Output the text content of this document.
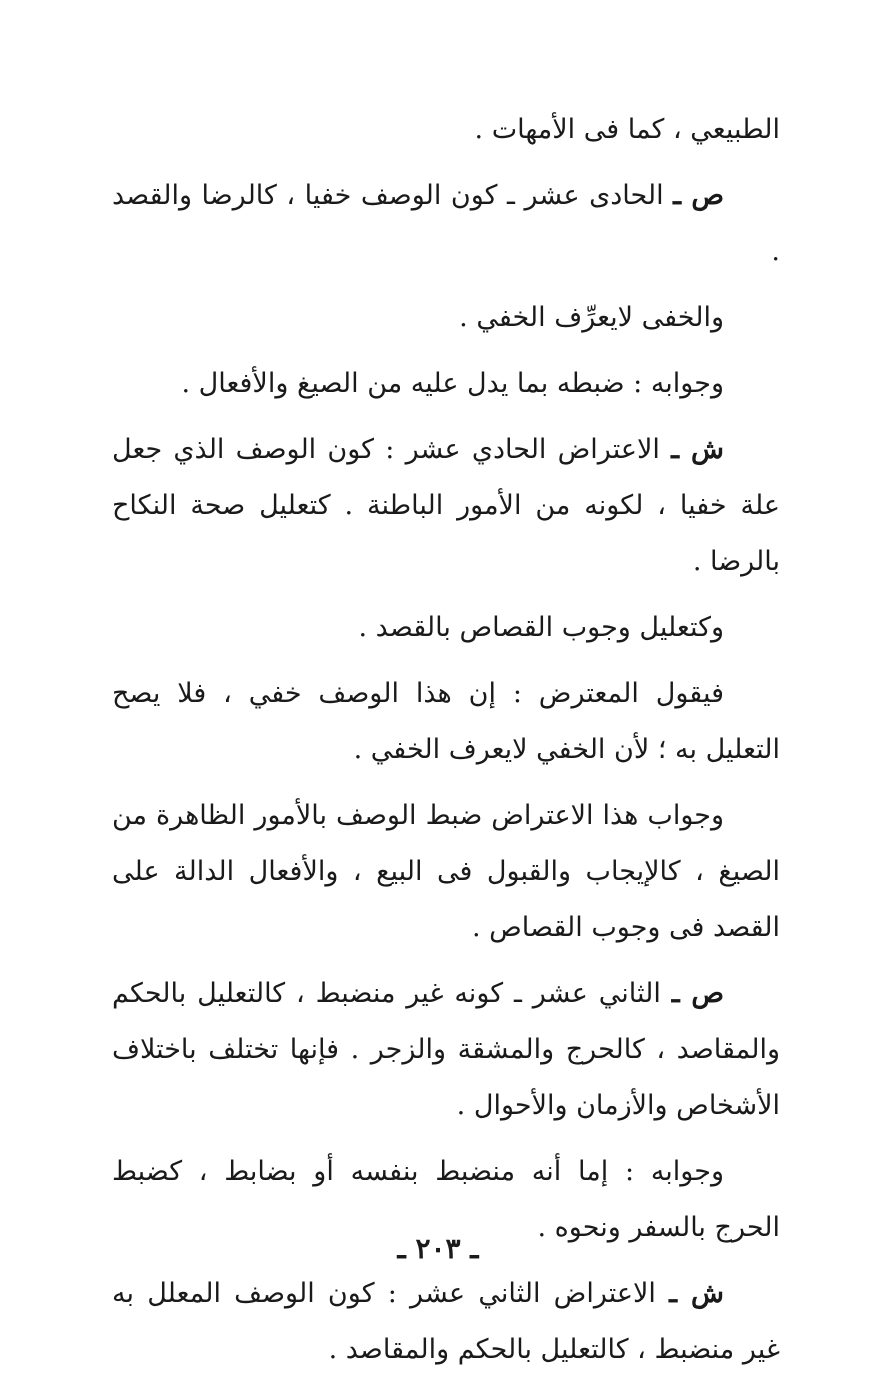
الطبيعي ، كما فى الأمهات .

ص ـ الحادى عشر ـ كون الوصف خفيا ، كالرضا والقصد .

والخفى لايعرِّف الخفي .

وجوابه : ضبطه بما يدل عليه من الصيغ والأفعال .

ش ـ الاعتراض الحادي عشر : كون الوصف الذي جعل علة خفيا ، لكونه من الأمور الباطنة . كتعليل صحة النكاح بالرضا .

وكتعليل وجوب القصاص بالقصد .

فيقول المعترض : إن هذا الوصف خفي ، فلا يصح التعليل به ؛ لأن الخفي لايعرف الخفي .

وجواب هذا الاعتراض ضبط الوصف بالأمور الظاهرة من الصيغ ، كالإيجاب والقبول فى البيع ، والأفعال الدالة على القصد فى وجوب القصاص .

ص ـ الثاني عشر ـ كونه غير منضبط ، كالتعليل بالحكم والمقاصد ، كالحرج والمشقة والزجر . فإنها تختلف باختلاف الأشخاص والأزمان والأحوال .

وجوابه : إما أنه منضبط بنفسه أو بضابط ، كضبط الحرج بالسفر ونحوه .

ش ـ الاعتراض الثاني عشر : كون الوصف المعلل به غير منضبط ، كالتعليل بالحكم والمقاصد .

ـ ٢٠٣ ـ
